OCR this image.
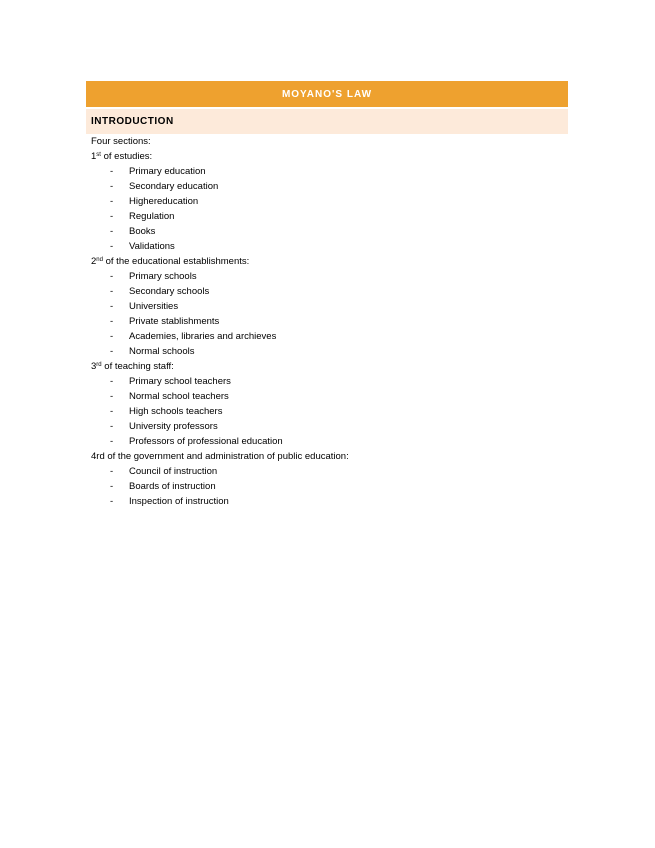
MOYANO'S LAW
INTRODUCTION
Four sections:
1st of estudies:
-	Primary education
-	Secondary education
-	Highereducation
-	Regulation
-	Books
-	Validations
2nd of the educational establishments:
-	Primary schools
-	Secondary schools
-	Universities
-	Private stablishments
-	Academies, libraries and archieves
-	Normal schools
3rd of teaching staff:
-	Primary school teachers
-	Normal school teachers
-	High schools teachers
-	University professors
-	Professors of professional education
4rd of the government and administration of public education:
-	Council of instruction
-	Boards of instruction
-	Inspection of instruction
